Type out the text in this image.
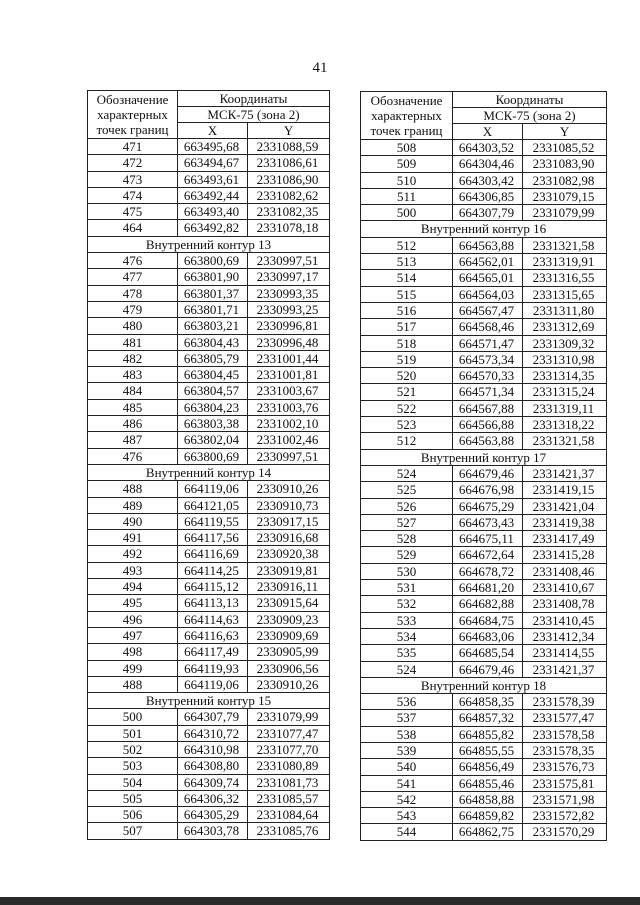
41
Обозначение
характерных
точек границ	Координаты	

	МСК-75 (зона 2)	
	X	Y
471	663495,68	2331088,59
472	663494,67	2331086,61
473	663493,61	2331086,90
474	663492,44	2331082,62
475	663493,40	2331082,35
464	663492,82	2331078,18
Внутренний контур 13		
476	663800,69	2330997,51
477	663801,90	2330997,17
478	663801,37	2330993,35
479	663801,71	2330993,25
480	663803,21	2330996,81
481	663804,43	2330996,48
482	663805,79	2331001,44
483	663804,45	2331001,81
484	663804,57	2331003,67
485	663804,23	2331003,76
486	663803,38	2331002,10
487	663802,04	2331002,46
476	663800,69	2330997,51
Внутренний контур 14		
488	664119,06	2330910,26
489	664121,05	2330910,73
490	664119,55	2330917,15
491	664117,56	2330916,68
492	664116,69	2330920,38
493	664114,25	2330919,81
494	664115,12	2330916,11
495	664113,13	2330915,64
496	664114,63	2330909,23
497	664116,63	2330909,69
498	664117,49	2330905,99
499	664119,93	2330906,56
488	664119,06	2330910,26
Внутренний контур 15		
500	664307,79	2331079,99
501	664310,72	2331077,47
502	664310,98	2331077,70
503	664308,80	2331080,89
504	664309,74	2331081,73
505	664306,32	2331085,57
506	664305,29	2331084,64
507	664303,78	2331085,76
Обозначение
характерных
точек границ	Координаты	

	МСК-75 (зона 2)	
	X	Y
508	664303,52	2331085,52
509	664304,46	2331083,90
510	664303,42	2331082,98
511	664306,85	2331079,15
500	664307,79	2331079,99
Внутренний контур 16		
512	664563,88	2331321,58
513	664562,01	2331319,91
514	664565,01	2331316,55
515	664564,03	2331315,65
516	664567,47	2331311,80
517	664568,46	2331312,69
518	664571,47	2331309,32
519	664573,34	2331310,98
520	664570,33	2331314,35
521	664571,34	2331315,24
522	664567,88	2331319,11
523	664566,88	2331318,22
512	664563,88	2331321,58
Внутренний контур 17		
524	664679,46	2331421,37
525	664676,98	2331419,15
526	664675,29	2331421,04
527	664673,43	2331419,38
528	664675,11	2331417,49
529	664672,64	2331415,28
530	664678,72	2331408,46
531	664681,20	2331410,67
532	664682,88	2331408,78
533	664684,75	2331410,45
534	664683,06	2331412,34
535	664685,54	2331414,55
524	664679,46	2331421,37
Внутренний контур 18		
536	664858,35	2331578,39
537	664857,32	2331577,47
538	664855,82	2331578,58
539	664855,55	2331578,35
540	664856,49	2331576,73
541	664855,46	2331575,81
542	664858,88	2331571,98
543	664859,82	2331572,82
544	664862,75	2331570,29
